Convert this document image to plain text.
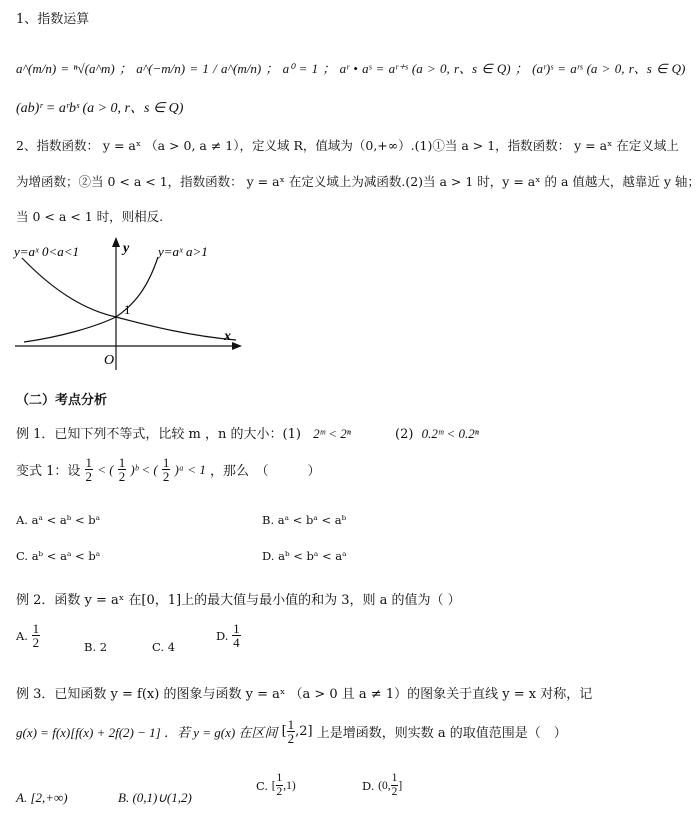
1、指数运算
a^(m/n) = ⁿ√(a^m) ； a^(−m/n) = 1 / a^(m/n) ； a⁰ = 1 ； aʳ • aˢ = aʳ⁺ˢ (a > 0, r、s ∈ Q) ； (aʳ)ˢ = aʳˢ (a > 0, r、s ∈ Q)
(ab)ʳ = aʳbˢ (a > 0, r、s ∈ Q)
2、指数函数： y = aˣ （a > 0, a ≠ 1），定义域 R，值域为（0,+∞）.(1)①当 a > 1，指数函数： y = aˣ 在定义域上
为增函数；②当 0 < a < 1，指数函数： y = aˣ 在定义域上为减函数.(2)当 a > 1 时，y = aˣ 的 a 值越大，越靠近 y 轴；
当 0 < a < 1 时，则相反.
y=aˣ 0<a<1	y=aˣ a>1
y
x
O
1
（二）考点分析
例 1．已知下列不等式，比较 m ，n 的大小：(1) 2ᵐ < 2ⁿ	(2) 0.2ᵐ < 0.2ⁿ
变式 1：设 $\frac{1}{2}$ < ( $\frac{1}{2}$ )ᵇ < ( $\frac{1}{2}$ )ᵃ < 1 ，那么　（　　　）
A. aᵃ < aᵇ < bᵃ	B. aᵃ < bᵃ < aᵇ
C. aᵇ < aᵃ < bᵃ	D. aᵇ < bᵃ < aᵃ
例 2．函数 y = aˣ 在[0，1]上的最大值与最小值的和为 3，则 a 的值为（ ）
A. $\frac{1}{2}$	B. 2	C. 4
D. $\frac{1}{4}$
例 3．已知函数 y = f(x) 的图象与函数 y = aˣ （a > 0 且 a ≠ 1）的图象关于直线 y = x 对称，记
g(x) = f(x)[f(x) + 2f(2) − 1] ．若 y = g(x) 在区间 [ $\frac{1}{2} ,2$] 上是增函数，则实数 a 的取值范围是（　）
A. [2,+∞)	B. (0,1)∪(1,2)
C. [ $\frac{1}{2} ,1$)	D. (0, $\frac{1}{2}$ ]
